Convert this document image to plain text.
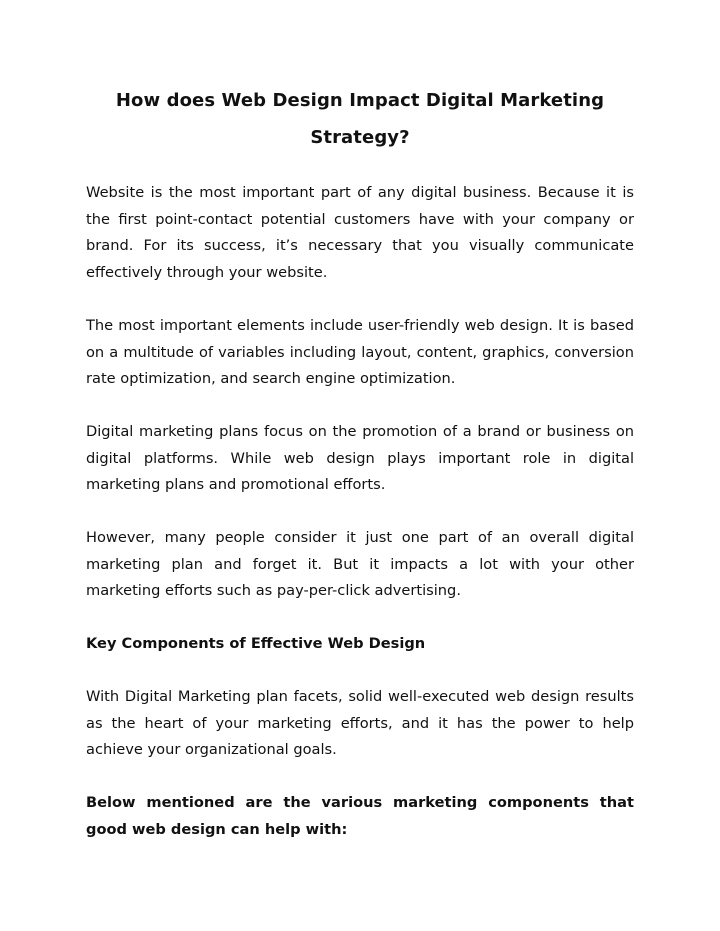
How does Web Design Impact Digital Marketing Strategy?

Website is the most important part of any digital business. Because it is the first point-contact potential customers have with your company or brand. For its success, it’s necessary that you visually communicate effectively through your website.

The most important elements include user-friendly web design. It is based on a multitude of variables including layout, content, graphics, conversion rate optimization, and search engine optimization.

Digital marketing plans focus on the promotion of a brand or business on digital platforms. While web design plays important role in digital marketing plans and promotional efforts.

However, many people consider it just one part of an overall digital marketing plan and forget it. But it impacts a lot with your other marketing efforts such as pay-per-click advertising.

Key Components of Effective Web Design

With Digital Marketing plan facets, solid well-executed web design results as the heart of your marketing efforts, and it has the power to help achieve your organizational goals.

Below mentioned are the various marketing components that good web design can help with:
